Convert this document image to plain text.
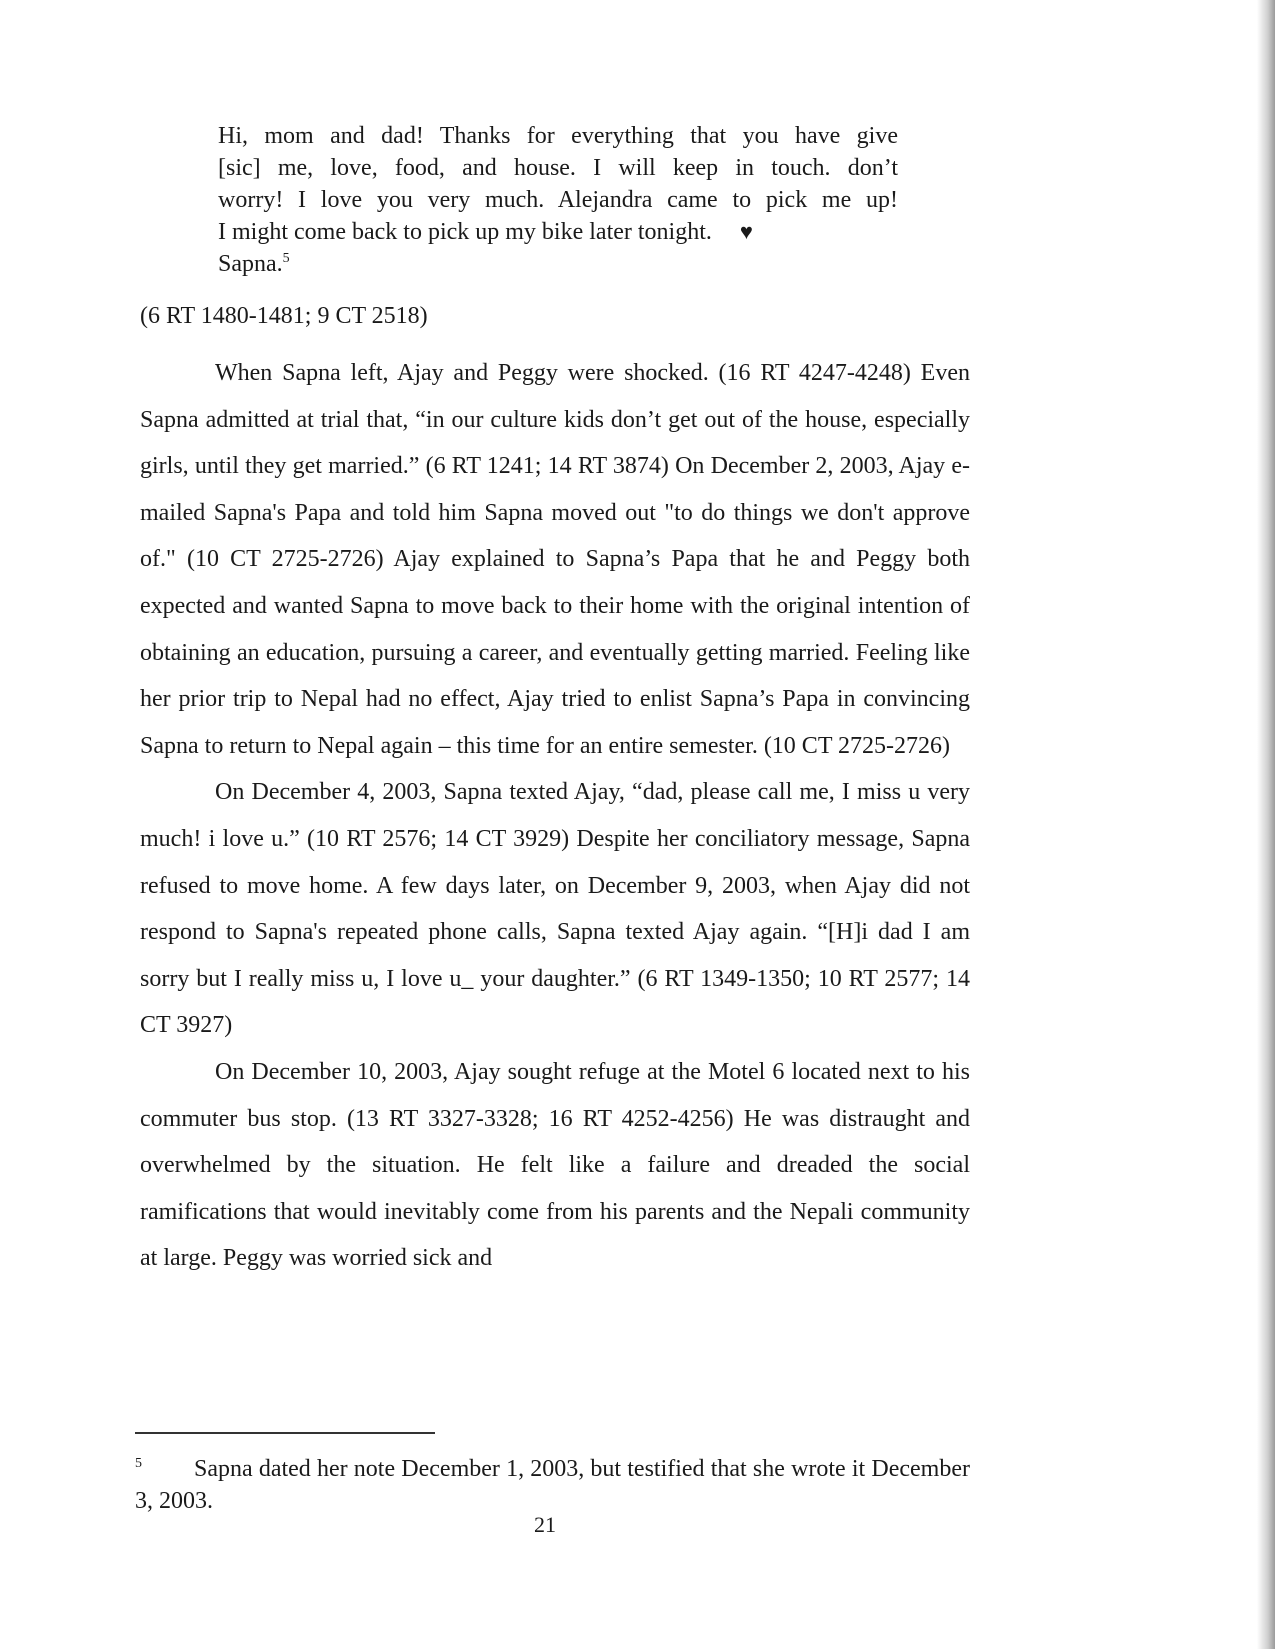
Hi, mom and dad! Thanks for everything that you have give
[sic] me, love, food, and house. I will keep in touch. don’t
worry! I love you very much. Alejandra came to pick me up!
I might come back to pick up my bike later tonight. ♥
Sapna.$^5$
(6 RT 1480-1481; 9 CT 2518)

When Sapna left, Ajay and Peggy were shocked. (16 RT 4247-4248) Even Sapna admitted at trial that, “in our culture kids don’t get out of the house, especially girls, until they get married.” (6 RT 1241; 14 RT 3874) On December 2, 2003, Ajay e-mailed Sapna's Papa and told him Sapna moved out "to do things we don't approve of." (10 CT 2725-2726) Ajay explained to Sapna’s Papa that he and Peggy both expected and wanted Sapna to move back to their home with the original intention of obtaining an education, pursuing a career, and eventually getting married. Feeling like her prior trip to Nepal had no effect, Ajay tried to enlist Sapna’s Papa in convincing Sapna to return to Nepal again – this time for an entire semester. (10 CT 2725-2726)

On December 4, 2003, Sapna texted Ajay, “dad, please call me, I miss u very much! i love u.” (10 RT 2576; 14 CT 3929) Despite her conciliatory message, Sapna refused to move home. A few days later, on December 9, 2003, when Ajay did not respond to Sapna's repeated phone calls, Sapna texted Ajay again. “[H]i dad I am sorry but I really miss u, I love u_ your daughter.” (6 RT 1349-1350; 10 RT 2577; 14 CT 3927)

On December 10, 2003, Ajay sought refuge at the Motel 6 located next to his commuter bus stop. (13 RT 3327-3328; 16 RT 4252-4256) He was distraught and overwhelmed by the situation. He felt like a failure and dreaded the social ramifications that would inevitably come from his parents and the Nepali community at large. Peggy was worried sick and

$^5$ Sapna dated her note December 1, 2003, but testified that she wrote it December 3, 2003.
21
